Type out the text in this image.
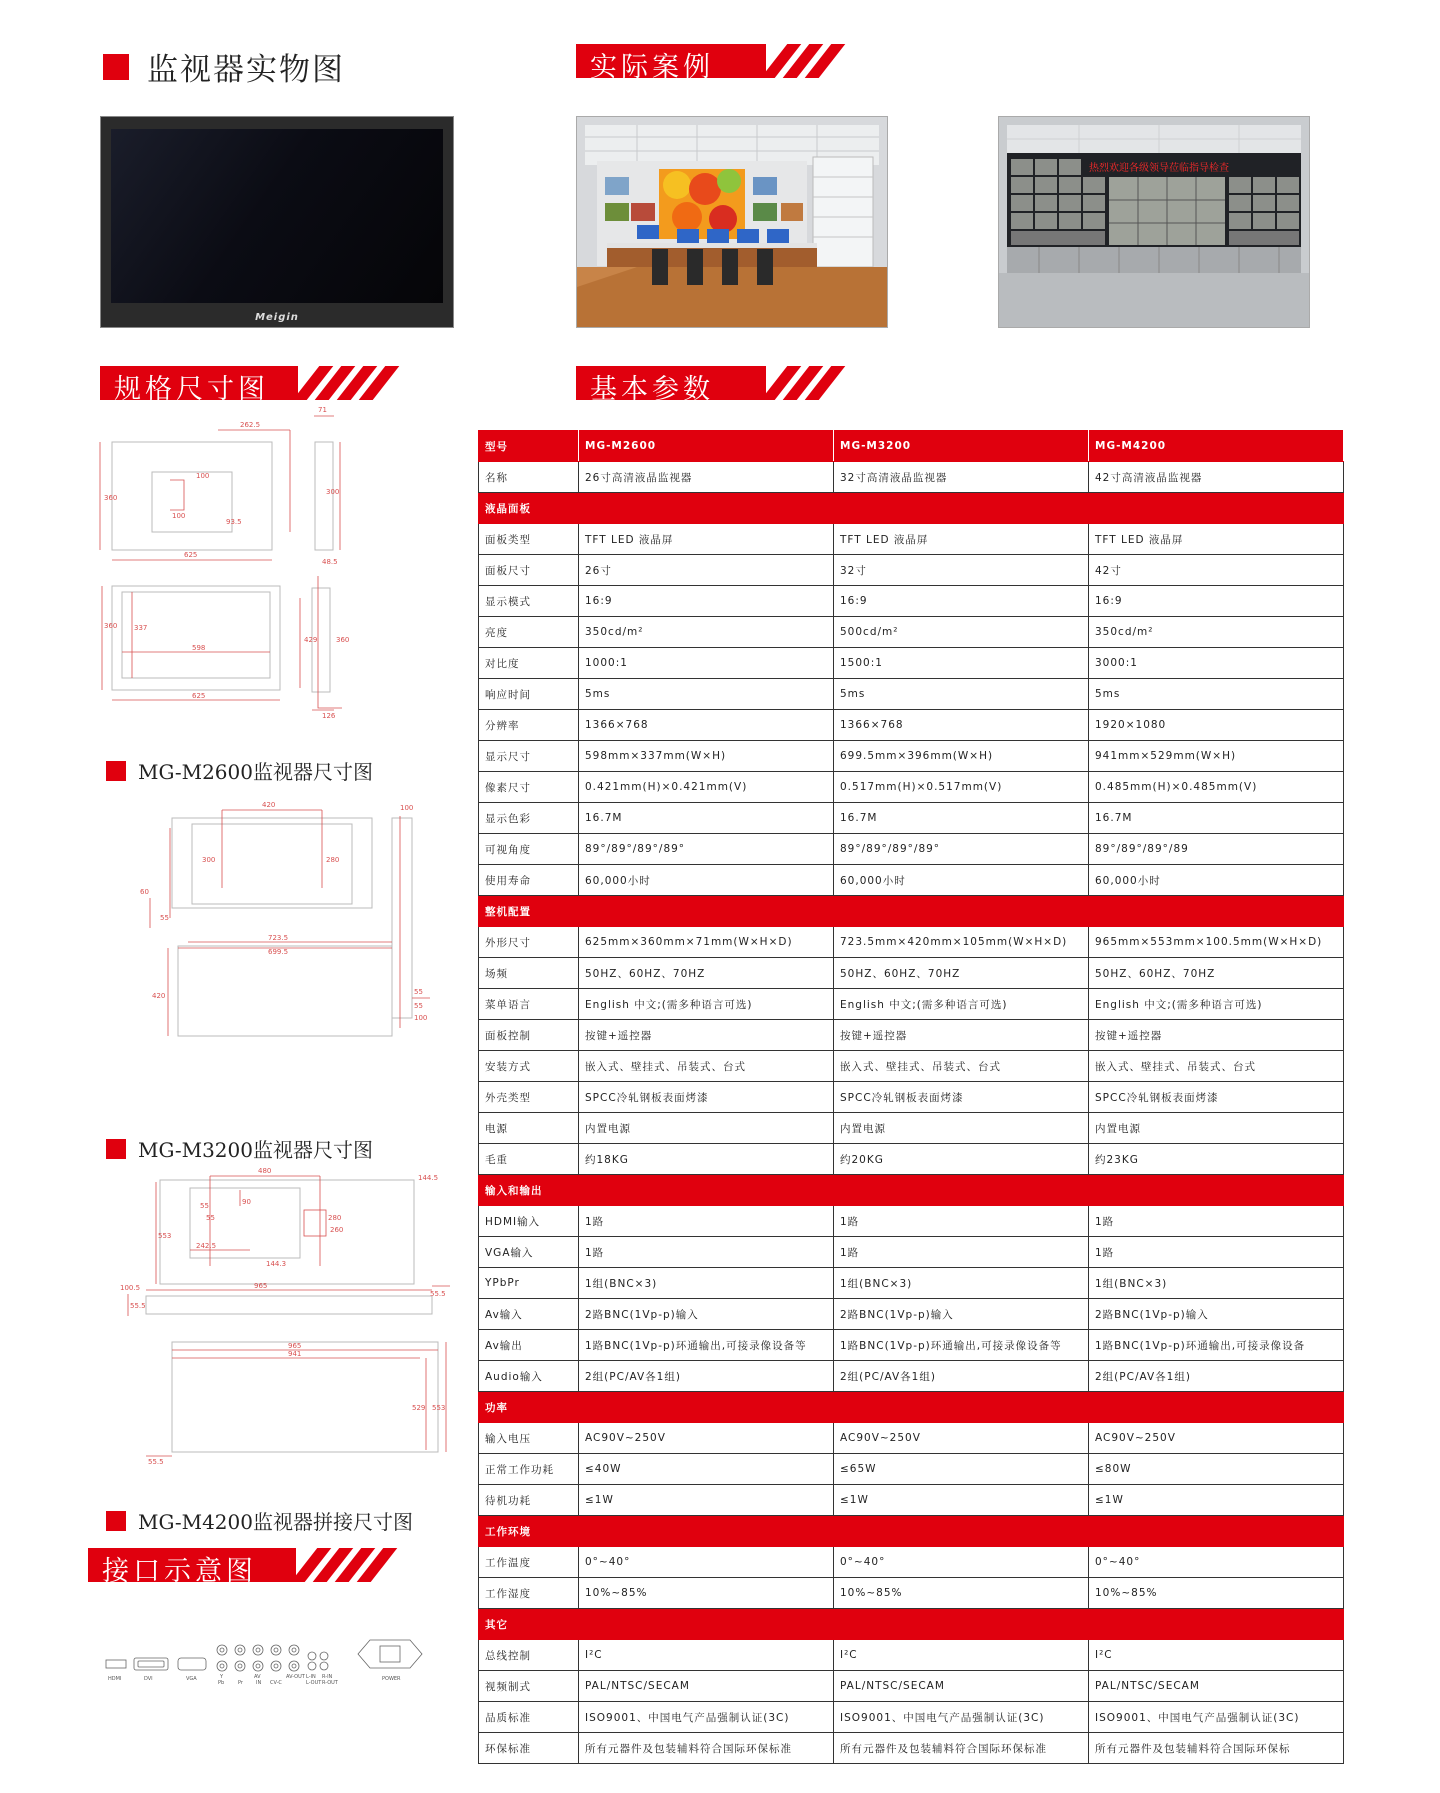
监视器实物图	实际案例
Meigin
热烈欢迎各级领导莅临指导检查
规格尺寸图	基本参数
262.5
71
360
100
100
93.5
300
625
48.5
360 337
598
625
126
429	360
MG-M2600监视器尺寸图
420
300	280
100
60
55
723.5
699.5
420	55
55
100
MG-M3200监视器尺寸图
480
90
55
55
242.5
144.3
144.5
280
260
553
100.5
55.5
965
55.5
965
941
529 553
55.5
MG-M4200监视器拼接尺寸图
接口示意图
HDMI	DVI	VGA	Y
Pb	Pr
AV
IN CV-C
AV-OUT L-IN R-IN
L-OUT R-OUT
POWER
型号	MG-M2600	MG-M3200	MG-M4200
名称	26寸高清液晶监视器	32寸高清液晶监视器	42寸高清液晶监视器
液晶面板			
面板类型	TFT LED 液晶屏	TFT LED 液晶屏	TFT LED 液晶屏
面板尺寸	26寸	32寸	42寸
显示模式	16:9	16:9	16:9
亮度	350cd/m²	500cd/m²	350cd/m²
对比度	1000:1	1500:1	3000:1
响应时间	5ms	5ms	5ms
分辨率	1366×768	1366×768	1920×1080
显示尺寸	598mm×337mm(W×H)	699.5mm×396mm(W×H)	941mm×529mm(W×H)
像素尺寸	0.421mm(H)×0.421mm(V)	0.517mm(H)×0.517mm(V)	0.485mm(H)×0.485mm(V)
显示色彩	16.7M	16.7M	16.7M
可视角度	89°/89°/89°/89°	89°/89°/89°/89°	89°/89°/89°/89
使用寿命	60,000小时	60,000小时	60,000小时
整机配置			
外形尺寸	625mm×360mm×71mm(W×H×D)	723.5mm×420mm×105mm(W×H×D)	965mm×553mm×100.5mm(W×H×D)
场频	50HZ、60HZ、70HZ	50HZ、60HZ、70HZ	50HZ、60HZ、70HZ
菜单语言	English 中文;(需多种语言可选)	English 中文;(需多种语言可选)	English 中文;(需多种语言可选)
面板控制	按键+遥控器	按键+遥控器	按键+遥控器
安装方式	嵌入式、壁挂式、吊装式、台式	嵌入式、壁挂式、吊装式、台式	嵌入式、壁挂式、吊装式、台式
外壳类型	SPCC冷轧钢板表面烤漆	SPCC冷轧钢板表面烤漆	SPCC冷轧钢板表面烤漆
电源	内置电源	内置电源	内置电源
毛重	约18KG	约20KG	约23KG
输入和输出			
HDMI输入	1路	1路	1路
VGA输入	1路	1路	1路
YPbPr	1组(BNC×3)	1组(BNC×3)	1组(BNC×3)
Av输入	2路BNC(1Vp-p)输入	2路BNC(1Vp-p)输入	2路BNC(1Vp-p)输入
Av输出	1路BNC(1Vp-p)环通输出,可接录像设备等	1路BNC(1Vp-p)环通输出,可接录像设备等	1路BNC(1Vp-p)环通输出,可接录像设备
Audio输入	2组(PC/AV各1组)	2组(PC/AV各1组)	2组(PC/AV各1组)
功率			
输入电压	AC90V~250V	AC90V~250V	AC90V~250V
正常工作功耗	≤40W	≤65W	≤80W
待机功耗	≤1W	≤1W	≤1W
工作环境			
工作温度	0°~40°	0°~40°	0°~40°
工作湿度	10%~85%	10%~85%	10%~85%
其它			
总线控制	I²C	I²C	I²C
视频制式	PAL/NTSC/SECAM	PAL/NTSC/SECAM	PAL/NTSC/SECAM
品质标准	ISO9001、中国电气产品强制认证(3C)	ISO9001、中国电气产品强制认证(3C)	ISO9001、中国电气产品强制认证(3C)
环保标准	所有元器件及包装辅料符合国际环保标准	所有元器件及包装辅料符合国际环保标准	所有元器件及包装辅料符合国际环保标
